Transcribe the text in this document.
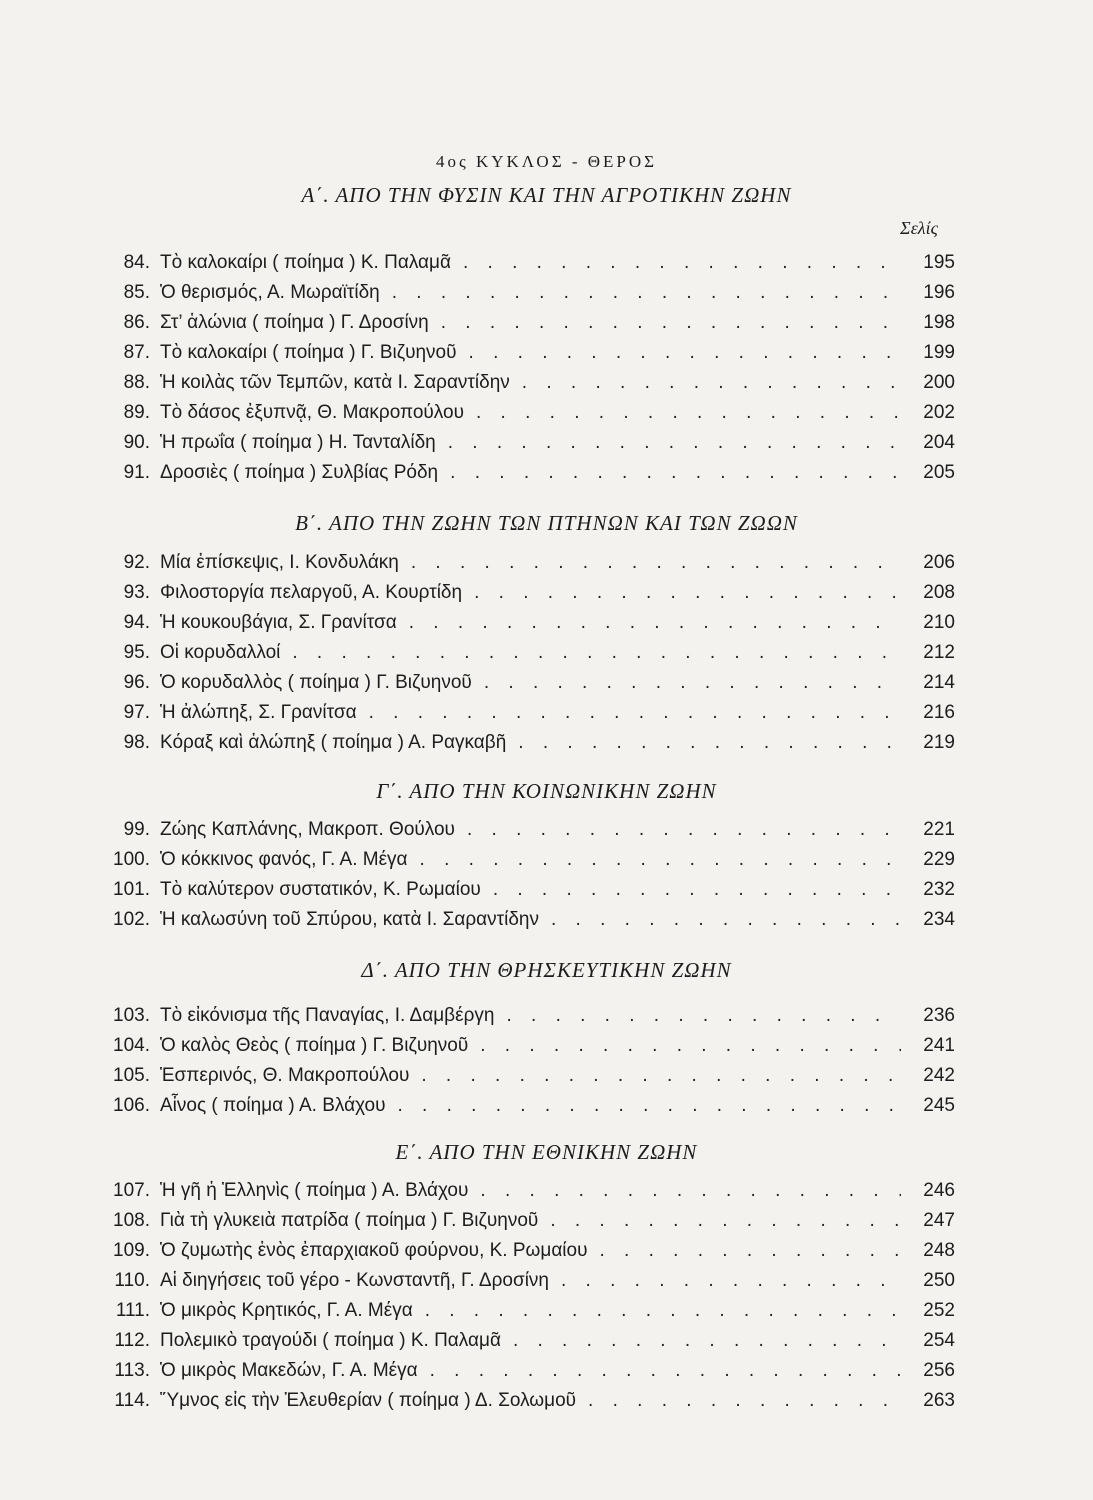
4ος ΚΥΚΛΟΣ - ΘΕΡΟΣ
Α΄. ΑΠΟ ΤΗΝ ΦΥΣΙΝ ΚΑΙ ΤΗΝ ΑΓΡΟΤΙΚΗΝ ΖΩΗΝ
Σελίς
84. Τὸ καλοκαίρι ( ποίημα ) Κ. Παλαμᾶ . . .	195
85. Ὁ θερισμός, Α. Μωραϊτίδη . . .	196
86. Στ’ ἁλώνια ( ποίημα ) Γ. Δροσίνη . . .	198
87. Τὸ καλοκαίρι ( ποίημα ) Γ. Βιζυηνοῦ . . .	199
88. Ἡ κοιλὰς τῶν Τεμπῶν, κατὰ Ι. Σαραντίδην . . .	200
89. Τὸ δάσος ἐξυπνᾷ, Θ. Μακροπούλου . . .	202
90. Ἡ πρωΐα ( ποίημα ) Η. Τανταλίδη . . .	204
91. Δροσιὲς ( ποίημα ) Συλβίας Ρόδη . . .	205
Β΄. ΑΠΟ ΤΗΝ ΖΩΗΝ ΤΩΝ ΠΤΗΝΩΝ ΚΑΙ ΤΩΝ ΖΩΩΝ
92. Μία ἐπίσκεψις, Ι. Κονδυλάκη . . .	206
93. Φιλοστοργία πελαργοῦ, Α. Κουρτίδη . . .	208
94. Ἡ κουκουβάγια, Σ. Γρανίτσα . . .	210
95. Οἱ κορυδαλλοί . . .	212
96. Ὁ κορυδαλλὸς ( ποίημα ) Γ. Βιζυηνοῦ . . .	214
97. Ἡ ἀλώπηξ, Σ. Γρανίτσα . . .	216
98. Κόραξ καὶ ἀλώπηξ ( ποίημα ) Α. Ραγκαβῆ . . .	219
Γ΄. ΑΠΟ ΤΗΝ ΚΟΙΝΩΝΙΚΗΝ ΖΩΗΝ
99. Ζώης Καπλάνης, Μακροπ. Θούλου . . .	221
100. Ὁ κόκκινος φανός, Γ. Α. Μέγα . . .	229
101. Τὸ καλύτερον συστατικόν, Κ. Ρωμαίου . . .	232
102. Ἡ καλωσύνη τοῦ Σπύρου, κατὰ Ι. Σαραντίδην . . .	234
Δ΄. ΑΠΟ ΤΗΝ ΘΡΗΣΚΕΥΤΙΚΗΝ ΖΩΗΝ
103. Τὸ εἰκόνισμα τῆς Παναγίας, Ι. Δαμβέργη . . .	236
104. Ὁ καλὸς Θεὸς ( ποίημα ) Γ. Βιζυηνοῦ . . .	241
105. Ἑσπερινός, Θ. Μακροπούλου . . .	242
106. Αἶνος ( ποίημα ) Α. Βλάχου . . .	245
Ε΄. ΑΠΟ ΤΗΝ ΕΘΝΙΚΗΝ ΖΩΗΝ
107. Ἡ γῆ ἡ Ἑλληνὶς ( ποίημα ) Α. Βλάχου . . .	246
108. Γιὰ τὴ γλυκειὰ πατρίδα ( ποίημα ) Γ. Βιζυηνοῦ . . .	247
109. Ὁ ζυμωτὴς ἑνὸς ἐπαρχιακοῦ φούρνου, Κ. Ρωμαίου . . .	248
110. Αἱ διηγήσεις τοῦ γέρο - Κωνσταντῆ, Γ. Δροσίνη . . .	250
111. Ὁ μικρὸς Κρητικός, Γ. Α. Μέγα . . .	252
112. Πολεμικὸ τραγούδι ( ποίημα ) Κ. Παλαμᾶ . . .	254
113. Ὁ μικρὸς Μακεδών, Γ. Α. Μέγα . . .	256
114. Ὕμνος εἰς τὴν Ἐλευθερίαν ( ποίημα ) Δ. Σολωμοῦ . . .	263
